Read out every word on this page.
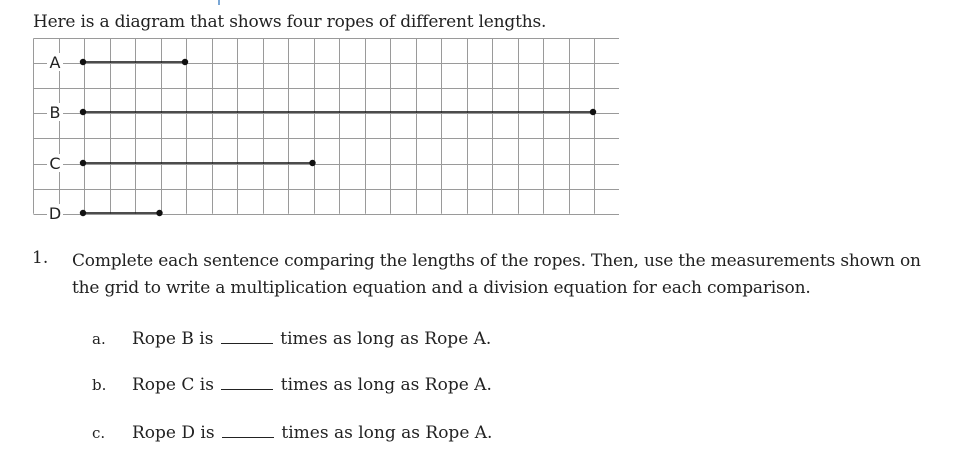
Here is a diagram that shows four ropes of different lengths.
A
B
C
D
1. Complete each sentence comparing the lengths of the ropes. Then, use the measurements shown on the grid to write a multiplication equation and a division equation for each comparison.
a. Rope B is	times as long as Rope A.
b. Rope C is	times as long as Rope A.
c. Rope D is	times as long as Rope A.
